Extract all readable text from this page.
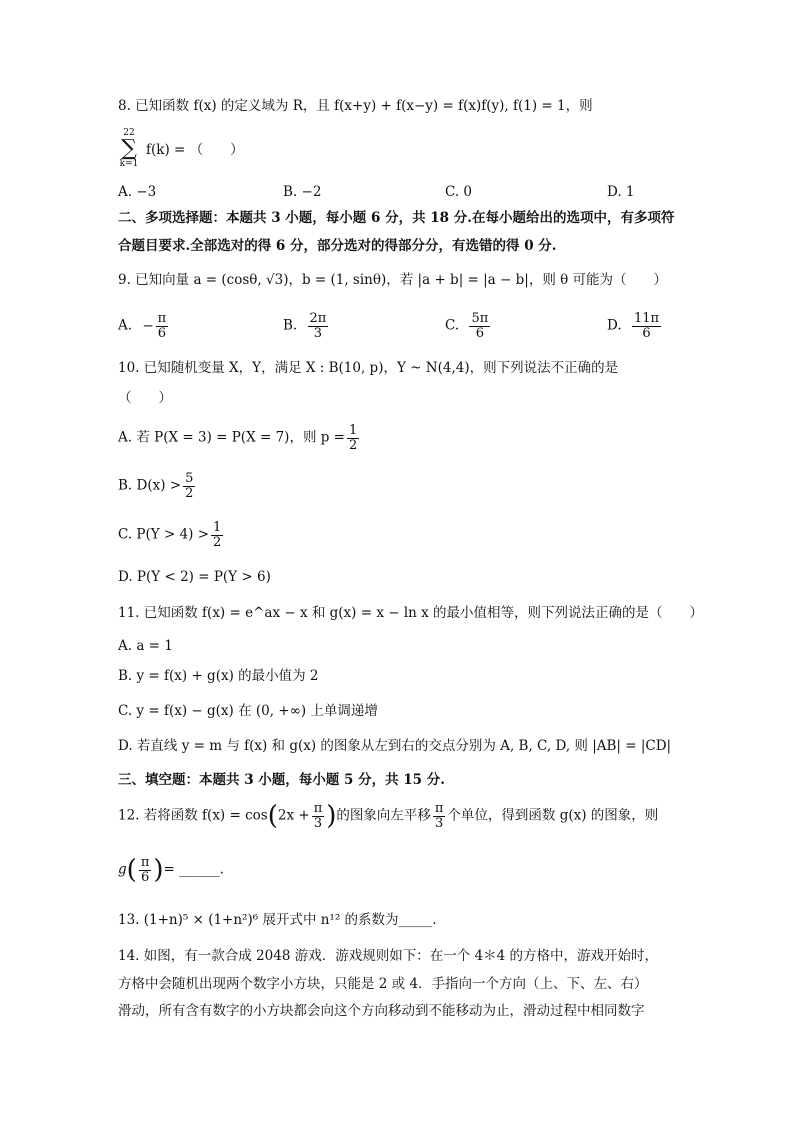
8. 已知函数 f(x) 的定义域为 R，且 f(x+y) + f(x−y) = f(x)f(y), f(1) = 1，则
22
∑
k=1
f(k) = （　　）
A. −3	B. −2	C. 0	D. 1
二、多项选择题：本题共 3 小题，每小题 6 分，共 18 分.在每小题给出的选项中，有多项符
合题目要求.全部选对的得 6 分，部分选对的得部分分，有选错的得 0 分.
9. 已知向量 a = (cosθ, √3)，b = (1, sinθ)，若 |a + b| = |a − b|，则 θ 可能为（　　）
A. − $\frac{\pi}{6}$	B. $\frac{2\pi}{3}$	C. $\frac{5\pi}{6}$	D. $\frac{11\pi}{6}$
10. 已知随机变量 X，Y，满足 X : B(10, p)，Y ~ N(4,4)，则下列说法不正确的是
（　　）
A. 若 P(X = 3) = P(X = 7)，则 $p = \frac{1}{2}$
B. $D(x) > \frac{5}{2}$
C. $P(Y > 4) > \frac{1}{2}$
D. P(Y < 2) = P(Y > 6)
11. 已知函数 f(x) = e^ax − x 和 g(x) = x − ln x 的最小值相等，则下列说法正确的是（　　）
A. a = 1
B. y = f(x) + g(x) 的最小值为 2
C. y = f(x) − g(x) 在 (0, +∞) 上单调递增
D. 若直线 y = m 与 f(x) 和 g(x) 的图象从左到右的交点分别为 A, B, C, D, 则 |AB| = |CD|
三、填空题：本题共 3 小题，每小题 5 分，共 15 分.
12. 若将函数 $f(x) = \cos(2x + \frac{\pi}{3}$ )的图象向左平移 $\frac{\pi}{3}$ 个单位，得到函数 g(x) 的图象，则
$g( \frac{\pi}{6}$ )= ______.
13. (1+n)⁵ × (1+n²)⁶ 展开式中 n¹² 的系数为_____.
14. 如图，有一款合成 2048 游戏．游戏规则如下：在一个 4＊4 的方格中，游戏开始时，
方格中会随机出现两个数字小方块，只能是 2 或 4．手指向一个方向（上、下、左、右）
滑动，所有含有数字的小方块都会向这个方向移动到不能移动为止，滑动过程中相同数字
